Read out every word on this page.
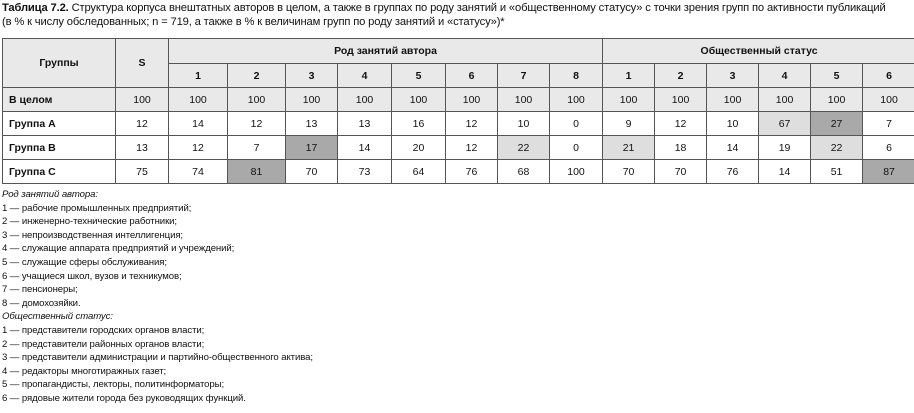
Таблица 7.2. Структура корпуса внештатных авторов в целом, а также в группах по роду занятий и «общественному статусу» с точки зрения групп по активности публикаций
(в % к числу обследованных; n = 719, а также в % к величинам групп по роду занятий и «статусу»)*
Группы	S	Род занятий автора								Общественный статус					
		1	2	3	4	5	6	7	8	1	2	3	4	5	6
В целом	100	100	100	100	100	100	100	100	100	100	100	100	100	100	100
Группа А	12	14	12	13	13	16	12	10	0	9	12	10	67	27	7
Группа В	13	12	7	17	14	20	12	22	0	21	18	14	19	22	6
Группа С	75	74	81	70	73	64	76	68	100	70	70	76	14	51	87
Род занятий автора:
1 — рабочие промышленных предприятий;
2 — инженерно-технические работники;
3 — непроизводственная интеллигенция;
4 — служащие аппарата предприятий и учреждений;
5 — служащие сферы обслуживания;
6 — учащиеся школ, вузов и техникумов;
7 — пенсионеры;
8 — домохозяйки.
Общественный статус:
1 — представители городских органов власти;
2 — представители районных органов власти;
3 — представители администрации и партийно-общественного актива;
4 — редакторы многотиражных газет;
5 — пропагандисты, лекторы, политинформаторы;
6 — рядовые жители города без руководящих функций.
